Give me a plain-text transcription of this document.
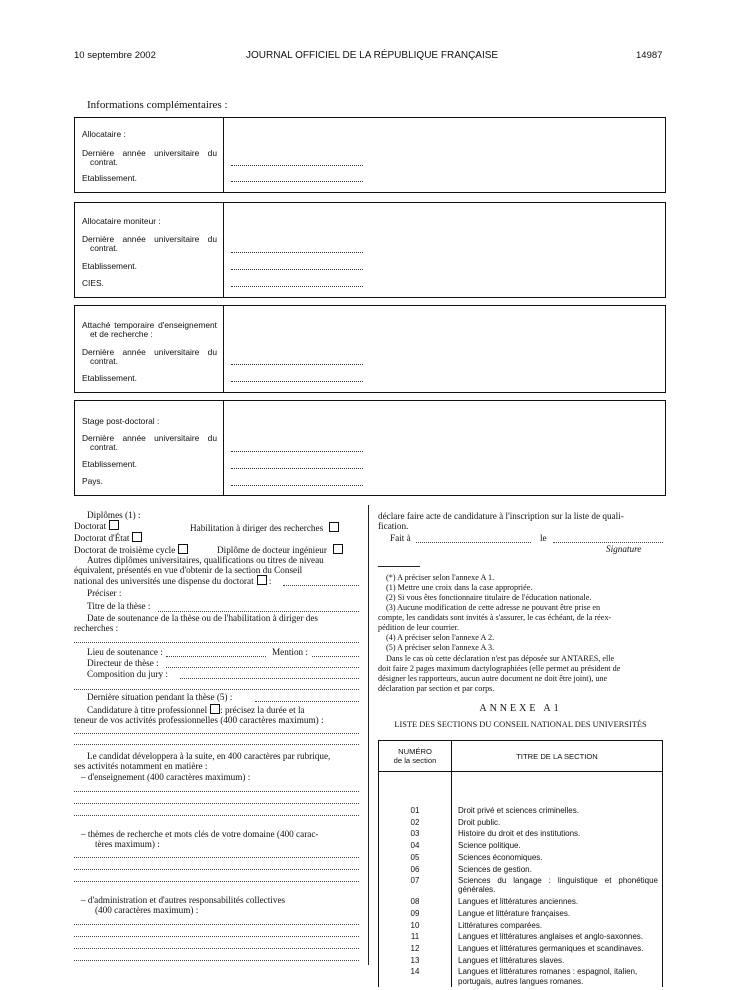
10 septembre 2002	JOURNAL OFFICIEL DE LA RÉPUBLIQUE FRANÇAISE	14987
Informations complémentaires :
Allocataire :
Dernière année universitaire du
contrat.
Etablissement.
Allocataire moniteur :
Dernière année universitaire du
contrat.
Etablissement.
CIES.
Attaché temporaire d'enseignement
et de recherche :
Dernière année universitaire du
contrat.
Etablissement.
Stage post-doctoral :
Dernière année universitaire du
contrat.
Etablissement.
Pays.
Diplômes (1) :
Doctorat	Habilitation à diriger des recherches
Doctorat d'État
Doctorat de troisième cycle	Diplôme de docteur ingénieur
Autres diplômes universitaires, qualifications ou titres de niveau
équivalent, présentés en vue d'obtenir de la section du Conseil
national des universités une dispense du doctorat :
Préciser :
Titre de la thèse :
Date de soutenance de la thèse ou de l'habilitation à diriger des
recherches :
Lieu de soutenance :	Mention :
Directeur de thèse :
Composition du jury :
Dernière situation pendant la thèse (5) :
Candidature à titre professionnel : précisez la durée et la
teneur de vos activités professionnelles (400 caractères maximum) :
Le candidat développera à la suite, en 400 caractères par rubrique,
ses activités notamment en matière :
– d'enseignement (400 caractères maximum) :
– thèmes de recherche et mots clés de votre domaine (400 carac-
tères maximum) :
– d'administration et d'autres responsabilités collectives
(400 caractères maximum) :
déclare faire acte de candidature à l'inscription sur la liste de quali-
fication.
Fait à	le
Signature
(*) A préciser selon l'annexe A 1.
(1) Mettre une croix dans la case appropriée.
(2) Si vous êtes fonctionnaire titulaire de l'éducation nationale.
(3) Aucune modification de cette adresse ne pouvant être prise en
compte, les candidats sont invités à s'assurer, le cas échéant, de la réex-
pédition de leur courrier.
(4) A préciser selon l'annexe A 2.
(5) A préciser selon l'annexe A 3.
Dans le cas où cette déclaration n'est pas déposée sur ANTARES, elle
doit faire 2 pages maximum dactylographiées (elle permet au président de
désigner les rapporteurs, aucun autre document ne doit être joint), une
déclaration par section et par corps.
ANNEXE A1
LISTE DES SECTIONS DU CONSEIL NATIONAL DES UNIVERSITÉS
NUMÉRO
de la section	TITRE DE LA SECTION

01	Droit privé et sciences criminelles.
02	Droit public.
03	Histoire du droit et des institutions.
04	Science politique.
05	Sciences économiques.
06	Sciences de gestion.
07	Sciences du langage : linguistique et phonétique générales.
08	Langues et littératures anciennes.
09	Langue et littérature françaises.
10	Littératures comparées.
11	Langues et littératures anglaises et anglo-saxonnes.
12	Langues et littératures germaniques et scandinaves.
13	Langues et littératures slaves.
14	Langues et littératures romanes : espagnol, italien, portugais, autres langues romanes.
